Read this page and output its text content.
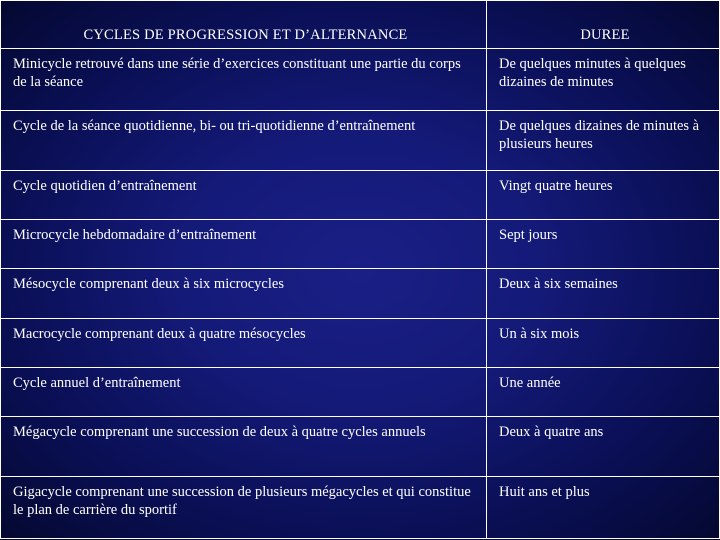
CYCLES DE PROGRESSION ET D’ALTERNANCE	DUREE
Minicycle retrouvé dans une série d’exercices constituant une partie du corps de la séance	De quelques minutes à quelques dizaines de minutes
Cycle de la séance quotidienne, bi- ou tri-quotidienne d’entraînement	De quelques dizaines de minutes à plusieurs heures
Cycle quotidien d’entraînement	Vingt quatre heures
Microcycle hebdomadaire d’entraînement	Sept jours
Mésocycle comprenant deux à six microcycles	Deux à six semaines
Macrocycle comprenant deux à quatre mésocycles	Un à six mois
Cycle annuel d’entraînement	Une année
Mégacycle comprenant une succession de deux à quatre cycles annuels	Deux à quatre ans
Gigacycle comprenant une succession de plusieurs mégacycles et qui constitue le plan de carrière du sportif	Huit ans et plus
